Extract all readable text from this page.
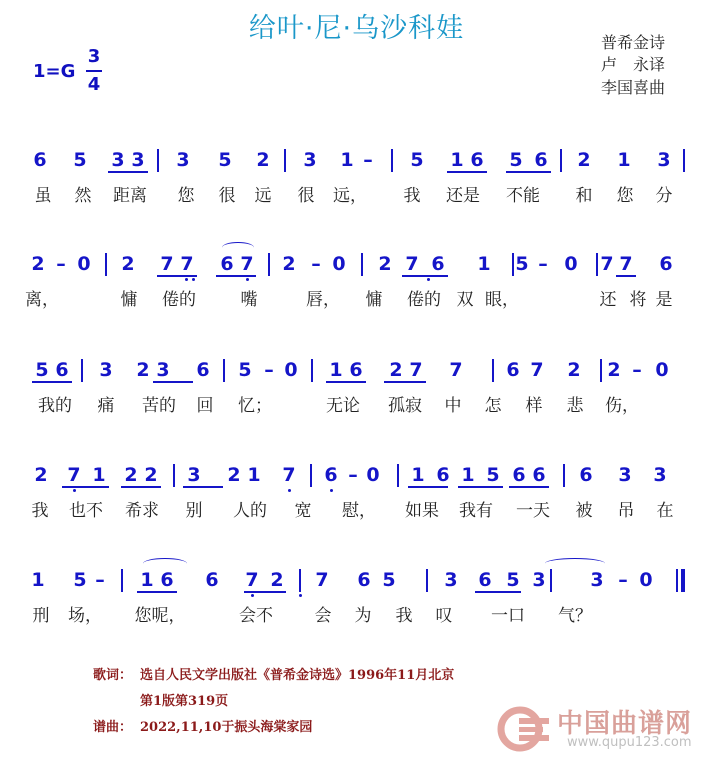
给叶·尼·乌沙科娃	普希金诗
卢　永译
李国喜曲
1=G
3
4
6 5 3 3 3 5 2 3 1 – 5 1 6 5 6 2 1 3
虽 然 距离 您 很 远 很 远， 我 还是 不能 和 您 分
2 – 0 2 7 7 6 7 2 – 0 2 7 6 1 5 – 0 7 7 6
离，	慵 倦的	嘴	唇， 慵 倦的 双 眼，	还 将 是
5 6 3 2 3 6 5 – 0 1 6 2 7 7 6 7 2 2 – 0
我的 痛 苦的 回 忆；	无论 孤寂 中 怎 样 悲 伤，
2 7 1 2 2 3 2 1 7 6 – 0 1 6 1 5 6 6 6 3 3
我 也不 希求 别 人的 宽 慰， 如果 我有 一天 被 吊 在
1 5 – 1 6 6 7 2 7 6 5	3 6 5 3 3 – 0
刑 场， 您呢，	会不 会 为 我 叹 一口 气？
歌词： 选自人民文学出版社《普希金诗选》1996年11月北京
第1版第319页
谱曲： 2022,11,10于振头海棠家园	中国曲谱网
www.qupu123.com
